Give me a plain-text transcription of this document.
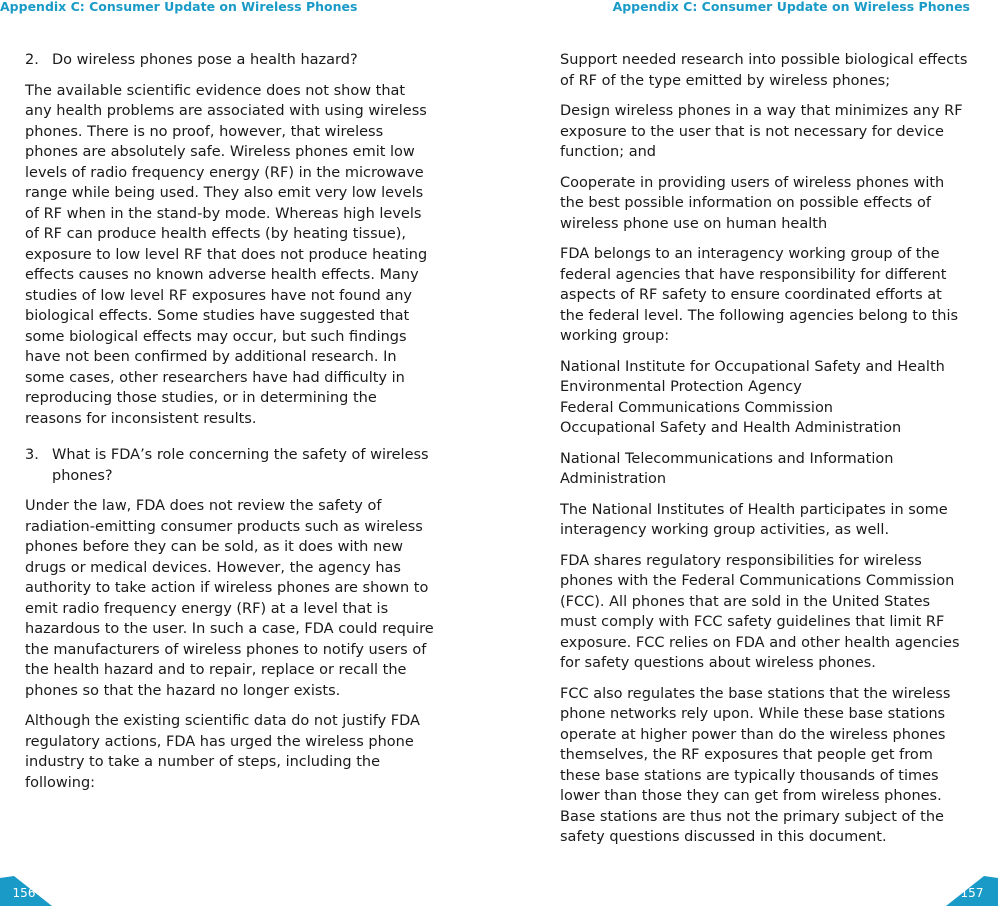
Appendix C: Consumer Update on Wireless Phones	Appendix C: Consumer Update on Wireless Phones
2. Do wireless phones pose a health hazard?

The available scientific evidence does not show that any health problems are associated with using wireless phones. There is no proof, however, that wireless phones are absolutely safe. Wireless phones emit low levels of radio frequency energy (RF) in the microwave range while being used. They also emit very low levels of RF when in the stand-by mode. Whereas high levels of RF can produce health effects (by heating tissue), exposure to low level RF that does not produce heating effects causes no known adverse health effects. Many studies of low level RF exposures have not found any biological effects. Some studies have suggested that some biological effects may occur, but such findings have not been confirmed by additional research. In some cases, other researchers have had difficulty in reproducing those studies, or in determining the reasons for inconsistent results.

3. What is FDA’s role concerning the safety of wireless phones?

Under the law, FDA does not review the safety of radiation-emitting consumer products such as wireless phones before they can be sold, as it does with new drugs or medical devices. However, the agency has authority to take action if wireless phones are shown to emit radio frequency energy (RF) at a level that is hazardous to the user. In such a case, FDA could require the manufacturers of wireless phones to notify users of the health hazard and to repair, replace or recall the phones so that the hazard no longer exists.

Although the existing scientific data do not justify FDA regulatory actions, FDA has urged the wireless phone industry to take a number of steps, including the following:

Support needed research into possible biological effects of RF of the type emitted by wireless phones;

Design wireless phones in a way that minimizes any RF exposure to the user that is not necessary for device function; and

Cooperate in providing users of wireless phones with the best possible information on possible effects of wireless phone use on human health

FDA belongs to an interagency working group of the federal agencies that have responsibility for different aspects of RF safety to ensure coordinated efforts at the federal level. The following agencies belong to this working group:

National Institute for Occupational Safety and Health
Environmental Protection Agency
Federal Communications Commission
Occupational Safety and Health Administration

National Telecommunications and Information Administration

The National Institutes of Health participates in some interagency working group activities, as well.

FDA shares regulatory responsibilities for wireless phones with the Federal Communications Commission (FCC). All phones that are sold in the United States must comply with FCC safety guidelines that limit RF exposure. FCC relies on FDA and other health agencies for safety questions about wireless phones.

FCC also regulates the base stations that the wireless phone networks rely upon. While these base stations operate at higher power than do the wireless phones themselves, the RF exposures that people get from these base stations are typically thousands of times lower than those they can get from wireless phones. Base stations are thus not the primary subject of the safety questions discussed in this document.

156	157
